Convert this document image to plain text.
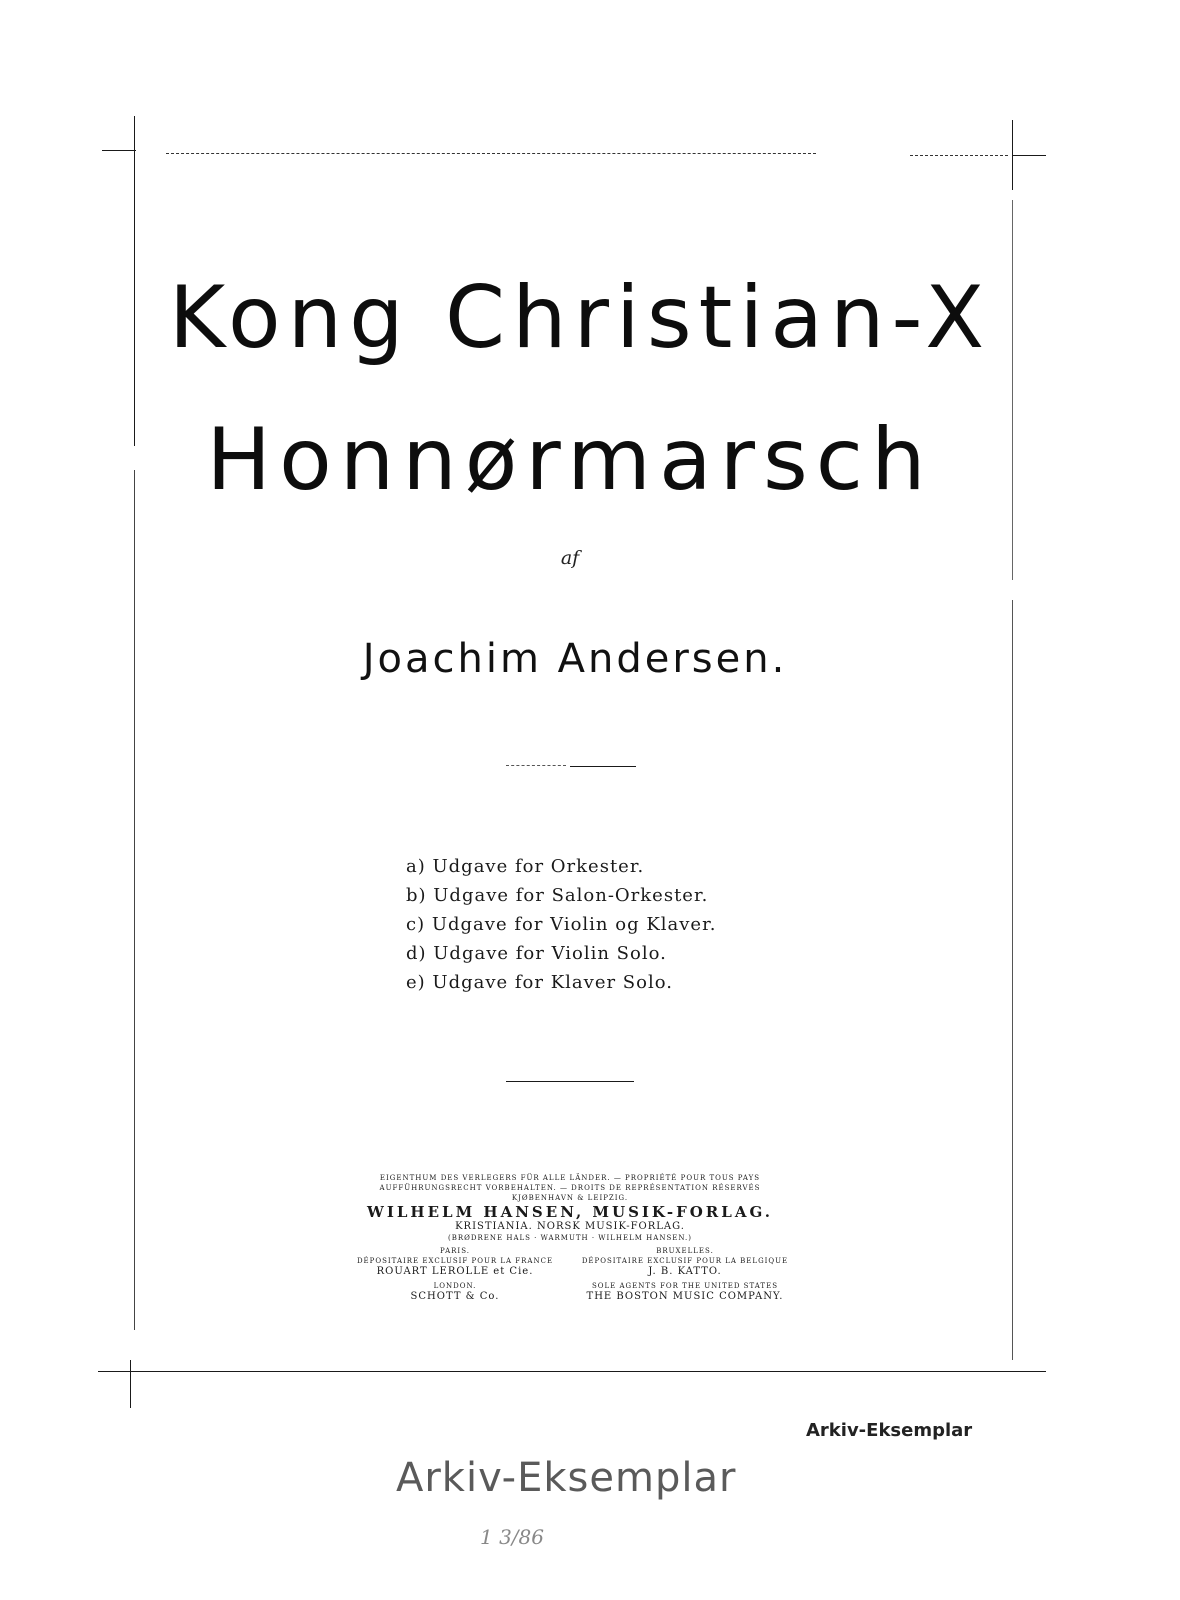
Kong Christian-X
Honnørmarsch
af
Joachim Andersen.
a) Udgave for Orkester.
b) Udgave for Salon-Orkester.
c) Udgave for Violin og Klaver.
d) Udgave for Violin Solo.
e) Udgave for Klaver Solo.
EIGENTHUM DES VERLEGERS FÜR ALLE LÄNDER. — PROPRIÉTÉ POUR TOUS PAYS
AUFFÜHRUNGSRECHT VORBEHALTEN. — DROITS DE REPRÉSENTATION RÉSERVÉS
KJØBENHAVN & LEIPZIG.
WILHELM HANSEN, MUSIK-FORLAG.
KRISTIANIA. NORSK MUSIK-FORLAG.
(BRØDRENE HALS · WARMUTH · WILHELM HANSEN.)
PARIS.
DÉPOSITAIRE EXCLUSIF POUR LA FRANCE
ROUART LEROLLE et Cie.
BRUXELLES.
DÉPOSITAIRE EXCLUSIF POUR LA BELGIQUE
J. B. KATTO.
LONDON.
SCHOTT & Co.
SOLE AGENTS FOR THE UNITED STATES
THE BOSTON MUSIC COMPANY.
Arkiv-Eksemplar
Arkiv-Eksemplar
1 3/86
